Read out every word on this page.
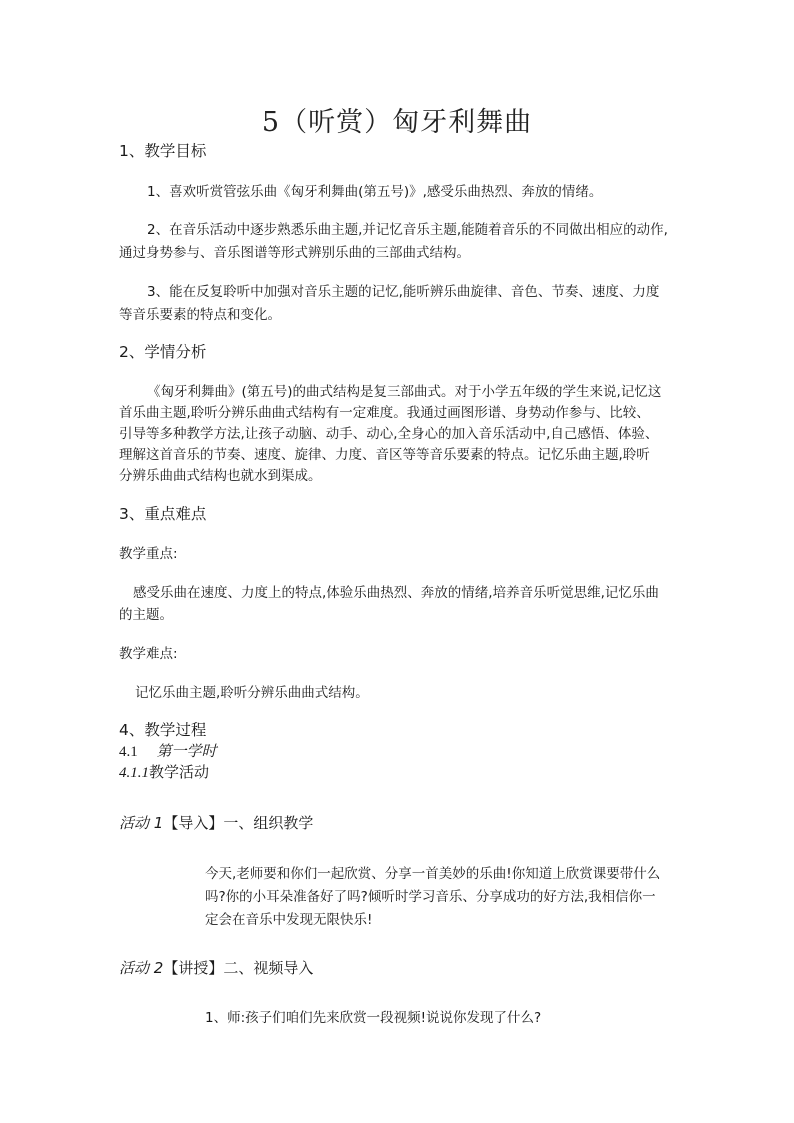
5（听赏）匈牙利舞曲
1、教学目标
1、喜欢听赏管弦乐曲《匈牙利舞曲(第五号)》,感受乐曲热烈、奔放的情绪。
2、在音乐活动中逐步熟悉乐曲主题,并记忆音乐主题,能随着音乐的不同做出相应的动作,
通过身势参与、音乐图谱等形式辨别乐曲的三部曲式结构。
3、能在反复聆听中加强对音乐主题的记忆,能听辨乐曲旋律、音色、节奏、速度、力度
等音乐要素的特点和变化。
2、学情分析
《匈牙利舞曲》(第五号)的曲式结构是复三部曲式。对于小学五年级的学生来说,记忆这
首乐曲主题,聆听分辨乐曲曲式结构有一定难度。我通过画图形谱、身势动作参与、比较、
引导等多种教学方法,让孩子动脑、动手、动心,全身心的加入音乐活动中,自己感悟、体验、
理解这首音乐的节奏、速度、旋律、力度、音区等等音乐要素的特点。记忆乐曲主题,聆听
分辨乐曲曲式结构也就水到渠成。
3、重点难点
教学重点:
感受乐曲在速度、力度上的特点,体验乐曲热烈、奔放的情绪,培养音乐听觉思维,记忆乐曲
的主题。
教学难点:
记忆乐曲主题,聆听分辨乐曲曲式结构。
4、教学过程
4.1 第一学时
4.1.1教学活动
活动 1【导入】一、组织教学
今天,老师要和你们一起欣赏、分享一首美妙的乐曲!你知道上欣赏课要带什么
吗?你的小耳朵准备好了吗?倾听时学习音乐、分享成功的好方法,我相信你一
定会在音乐中发现无限快乐!
活动 2【讲授】二、视频导入
1、师:孩子们咱们先来欣赏一段视频!说说你发现了什么?
